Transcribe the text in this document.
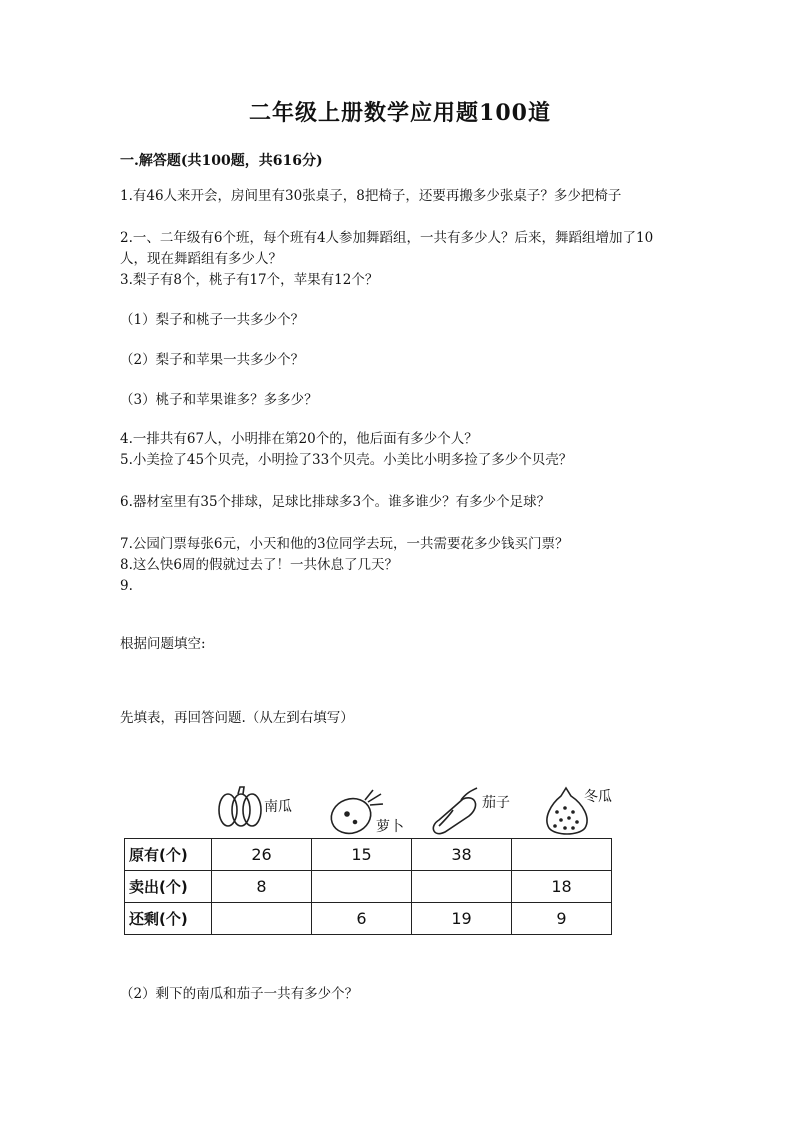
二年级上册数学应用题100道
一.解答题(共100题，共616分)
1.有46人来开会，房间里有30张桌子，8把椅子，还要再搬多少张桌子？多少把椅子
2.一、二年级有6个班，每个班有4人参加舞蹈组，一共有多少人？后来，舞蹈组增加了10人，现在舞蹈组有多少人？
3.梨子有8个，桃子有17个，苹果有12个？
（1）梨子和桃子一共多少个？
（2）梨子和苹果一共多少个？
（3）桃子和苹果谁多？多多少？
4.一排共有67人，小明排在第20个的，他后面有多少个人？
5.小美捡了45个贝壳，小明捡了33个贝壳。小美比小明多捡了多少个贝壳？
6.器材室里有35个排球，足球比排球多3个。谁多谁少？有多少个足球？
7.公园门票每张6元，小天和他的3位同学去玩，一共需要花多少钱买门票？
8.这么快6周的假就过去了！一共休息了几天？
9.
根据问题填空:
先填表，再回答问题.（从左到右填写）
南瓜
萝卜
茄子	冬瓜
原有(个)	26	15	38	
卖出(个)	8			18
还剩(个)		6	19	9
（2）剩下的南瓜和茄子一共有多少个？
